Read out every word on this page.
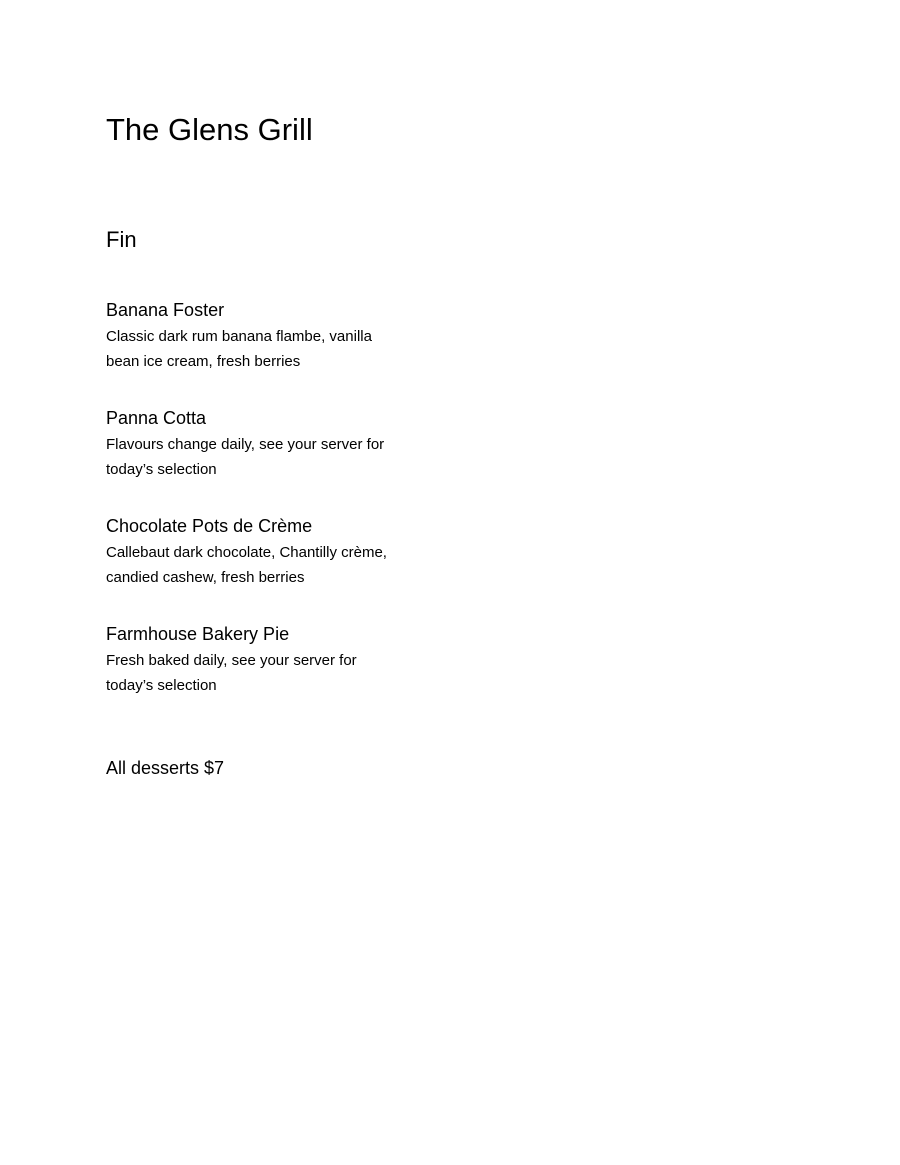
The Glens Grill
Fin
Banana Foster
Classic dark rum banana flambe, vanilla
bean ice cream, fresh berries
Panna Cotta
Flavours change daily, see your server for
today’s selection
Chocolate Pots de Crème
Callebaut dark chocolate, Chantilly crème,
candied cashew, fresh berries
Farmhouse Bakery Pie
Fresh baked daily, see your server for
today’s selection

All desserts $7
